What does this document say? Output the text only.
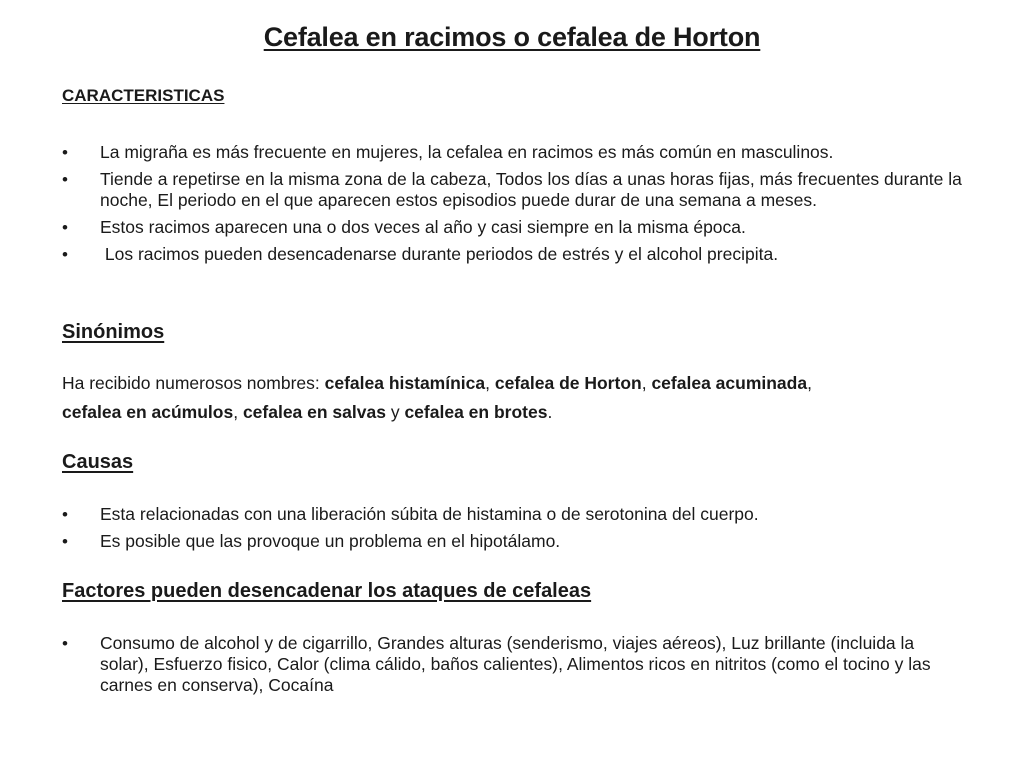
Cefalea en racimos o cefalea de Horton
CARACTERISTICAS
•	La migraña es más frecuente en mujeres, la cefalea en racimos es más común en masculinos.
•	Tiende a repetirse en la misma zona de la cabeza, Todos los días a unas horas fijas, más frecuentes durante la noche, El periodo en el que aparecen estos episodios puede durar de una semana a meses.
•	Estos racimos aparecen una o dos veces al año y casi siempre en la misma época.
•	Los racimos pueden desencadenarse durante periodos de estrés y el alcohol precipita.
Sinónimos
Ha recibido numerosos nombres: cefalea histamínica, cefalea de Horton, cefalea acuminada,
cefalea en acúmulos, cefalea en salvas y cefalea en brotes.
Causas
•	Esta relacionadas con una liberación súbita de histamina o de serotonina del cuerpo.
•	Es posible que las provoque un problema en el hipotálamo.
Factores pueden desencadenar los ataques de cefaleas
•	Consumo de alcohol y de cigarrillo, Grandes alturas (senderismo, viajes aéreos), Luz brillante (incluida la solar), Esfuerzo fisico, Calor (clima cálido, baños calientes), Alimentos ricos en nitritos (como el tocino y las carnes en conserva), Cocaína
